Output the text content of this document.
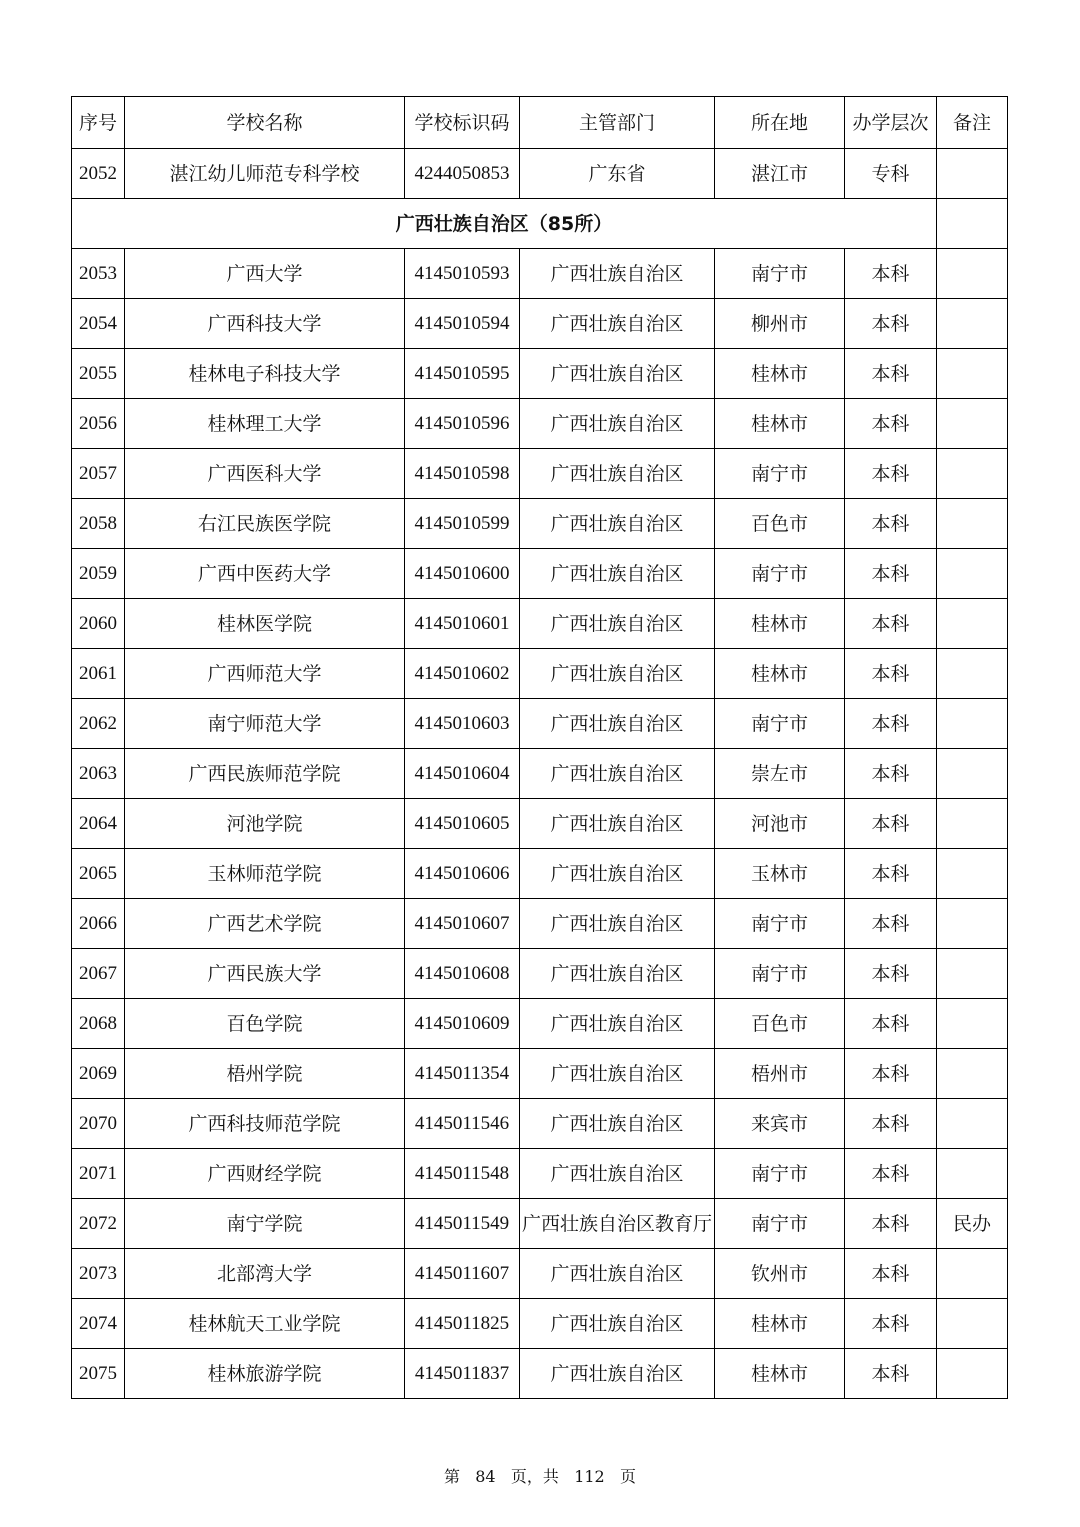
序号	学校名称	学校标识码	主管部门	所在地	办学层次	备注
2052	湛江幼儿师范专科学校	4244050853	广东省	湛江市	专科	
广西壮族自治区（85所）						
2053	广西大学	4145010593	广西壮族自治区	南宁市	本科	
2054	广西科技大学	4145010594	广西壮族自治区	柳州市	本科	
2055	桂林电子科技大学	4145010595	广西壮族自治区	桂林市	本科	
2056	桂林理工大学	4145010596	广西壮族自治区	桂林市	本科	
2057	广西医科大学	4145010598	广西壮族自治区	南宁市	本科	
2058	右江民族医学院	4145010599	广西壮族自治区	百色市	本科	
2059	广西中医药大学	4145010600	广西壮族自治区	南宁市	本科	
2060	桂林医学院	4145010601	广西壮族自治区	桂林市	本科	
2061	广西师范大学	4145010602	广西壮族自治区	桂林市	本科	
2062	南宁师范大学	4145010603	广西壮族自治区	南宁市	本科	
2063	广西民族师范学院	4145010604	广西壮族自治区	崇左市	本科	
2064	河池学院	4145010605	广西壮族自治区	河池市	本科	
2065	玉林师范学院	4145010606	广西壮族自治区	玉林市	本科	
2066	广西艺术学院	4145010607	广西壮族自治区	南宁市	本科	
2067	广西民族大学	4145010608	广西壮族自治区	南宁市	本科	
2068	百色学院	4145010609	广西壮族自治区	百色市	本科	
2069	梧州学院	4145011354	广西壮族自治区	梧州市	本科	
2070	广西科技师范学院	4145011546	广西壮族自治区	来宾市	本科	
2071	广西财经学院	4145011548	广西壮族自治区	南宁市	本科	
2072	南宁学院	4145011549	广西壮族自治区教育厅	南宁市	本科	民办
2073	北部湾大学	4145011607	广西壮族自治区	钦州市	本科	
2074	桂林航天工业学院	4145011825	广西壮族自治区	桂林市	本科	
2075	桂林旅游学院	4145011837	广西壮族自治区	桂林市	本科	
第 84 页，共 112 页
